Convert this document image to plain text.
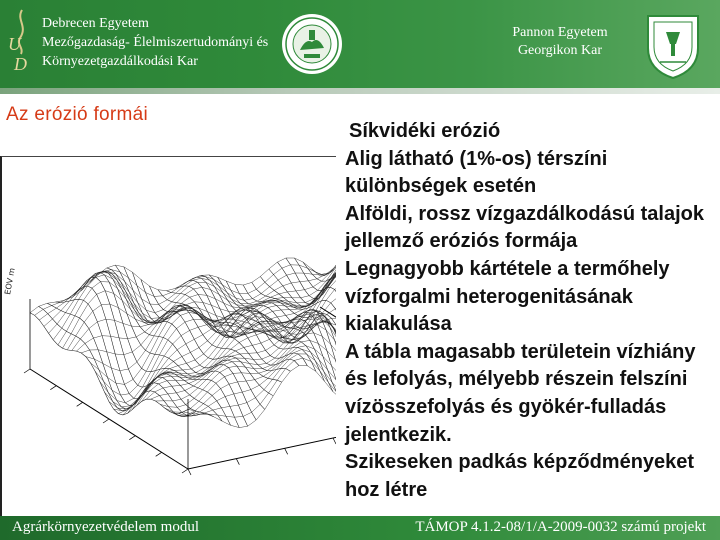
U
D
Debrecen Egyetem
Mezőgazdaság- Élelmiszertudományi és
Környezetgazdálkodási Kar
Pannon Egyetem
Georgikon Kar
Az erózió formái
EOV m
Síkvidéki erózió
Alig látható (1%-os) térszíni különbségek esetén
Alföldi, rossz vízgazdálkodású talajok jellemző eróziós formája
Legnagyobb kártétele a termőhely vízforgalmi heterogenitásának kialakulása
A tábla magasabb területein vízhiány és lefolyás, mélyebb részein felszíni vízösszefolyás és gyökér-fulladás jelentkezik.
Szikeseken padkás képződményeket hoz létre
Agrárkörnyezetvédelem modul	TÁMOP 4.1.2-08/1/A-2009-0032 számú projekt
